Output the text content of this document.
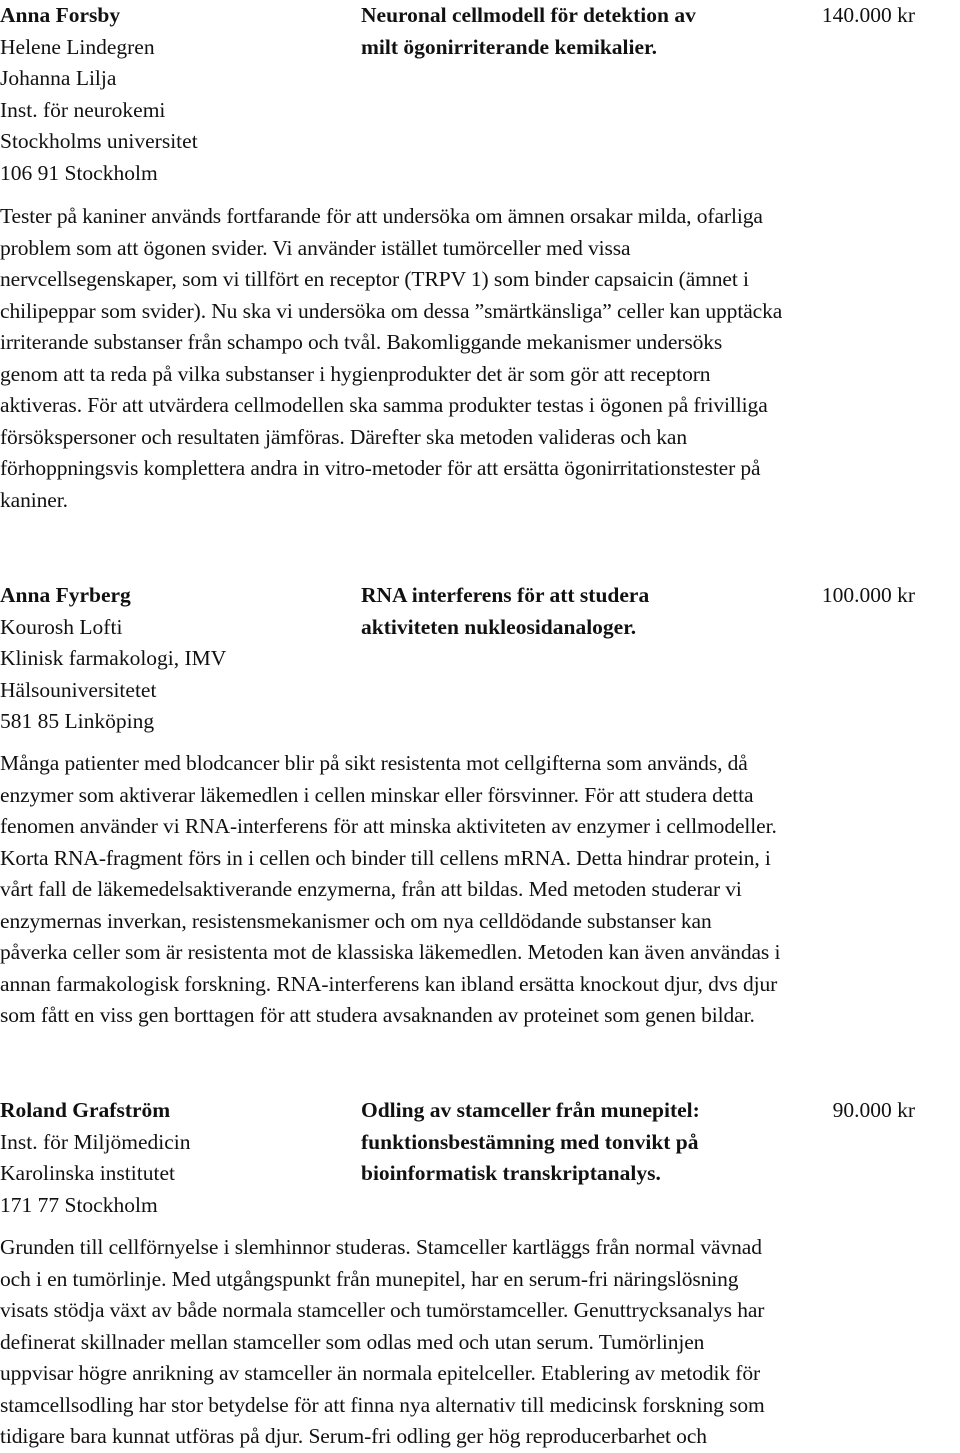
Anna Forsby
Helene Lindegren
Johanna Lilja
Inst. för neurokemi
Stockholms universitet
106 91 Stockholm
Neuronal cellmodell för detektion av
milt ögonirriterande kemikalier.
140.000 kr
Tester på kaniner används fortfarande för att undersöka om ämnen orsakar milda, ofarliga
problem som att ögonen svider. Vi använder istället tumörceller med vissa
nervcellsegenskaper, som vi tillfört en receptor (TRPV 1) som binder capsaicin (ämnet i
chilipeppar som svider). Nu ska vi undersöka om dessa ”smärtkänsliga” celler kan upptäcka
irriterande substanser från schampo och tvål. Bakomliggande mekanismer undersöks
genom att ta reda på vilka substanser i hygienprodukter det är som gör att receptorn
aktiveras. För att utvärdera cellmodellen ska samma produkter testas i ögonen på frivilliga
försökspersoner och resultaten jämföras. Därefter ska metoden valideras och kan
förhoppningsvis komplettera andra in vitro-metoder för att ersätta ögonirritationstester på
kaniner.
Anna Fyrberg
Kourosh Lofti
Klinisk farmakologi, IMV
Hälsouniversitetet
581 85 Linköping
RNA interferens för att studera
aktiviteten nukleosidanaloger.
100.000 kr
Många patienter med blodcancer blir på sikt resistenta mot cellgifterna som används, då
enzymer som aktiverar läkemedlen i cellen minskar eller försvinner. För att studera detta
fenomen använder vi RNA-interferens för att minska aktiviteten av enzymer i cellmodeller.
Korta RNA-fragment förs in i cellen och binder till cellens mRNA. Detta hindrar protein, i
vårt fall de läkemedelsaktiverande enzymerna, från att bildas. Med metoden studerar vi
enzymernas inverkan, resistensmekanismer och om nya celldödande substanser kan
påverka celler som är resistenta mot de klassiska läkemedlen. Metoden kan även användas i
annan farmakologisk forskning. RNA-interferens kan ibland ersätta knockout djur, dvs djur
som fått en viss gen borttagen för att studera avsaknanden av proteinet som genen bildar.
Roland Grafström
Inst. för Miljömedicin
Karolinska institutet
171 77 Stockholm
Odling av stamceller från munepitel:
funktionsbestämning med tonvikt på
bioinformatisk transkriptanalys.
90.000 kr
Grunden till cellförnyelse i slemhinnor studeras. Stamceller kartläggs från normal vävnad
och i en tumörlinje. Med utgångspunkt från munepitel, har en serum-fri näringslösning
visats stödja växt av både normala stamceller och tumörstamceller. Genuttrycksanalys har
definerat skillnader mellan stamceller som odlas med och utan serum. Tumörlinjen
uppvisar högre anrikning av stamceller än normala epitelceller. Etablering av metodik för
stamcellsodling har stor betydelse för att finna nya alternativ till medicinsk forskning som
tidigare bara kunnat utföras på djur. Serum-fri odling ger hög reproducerbarhet och
